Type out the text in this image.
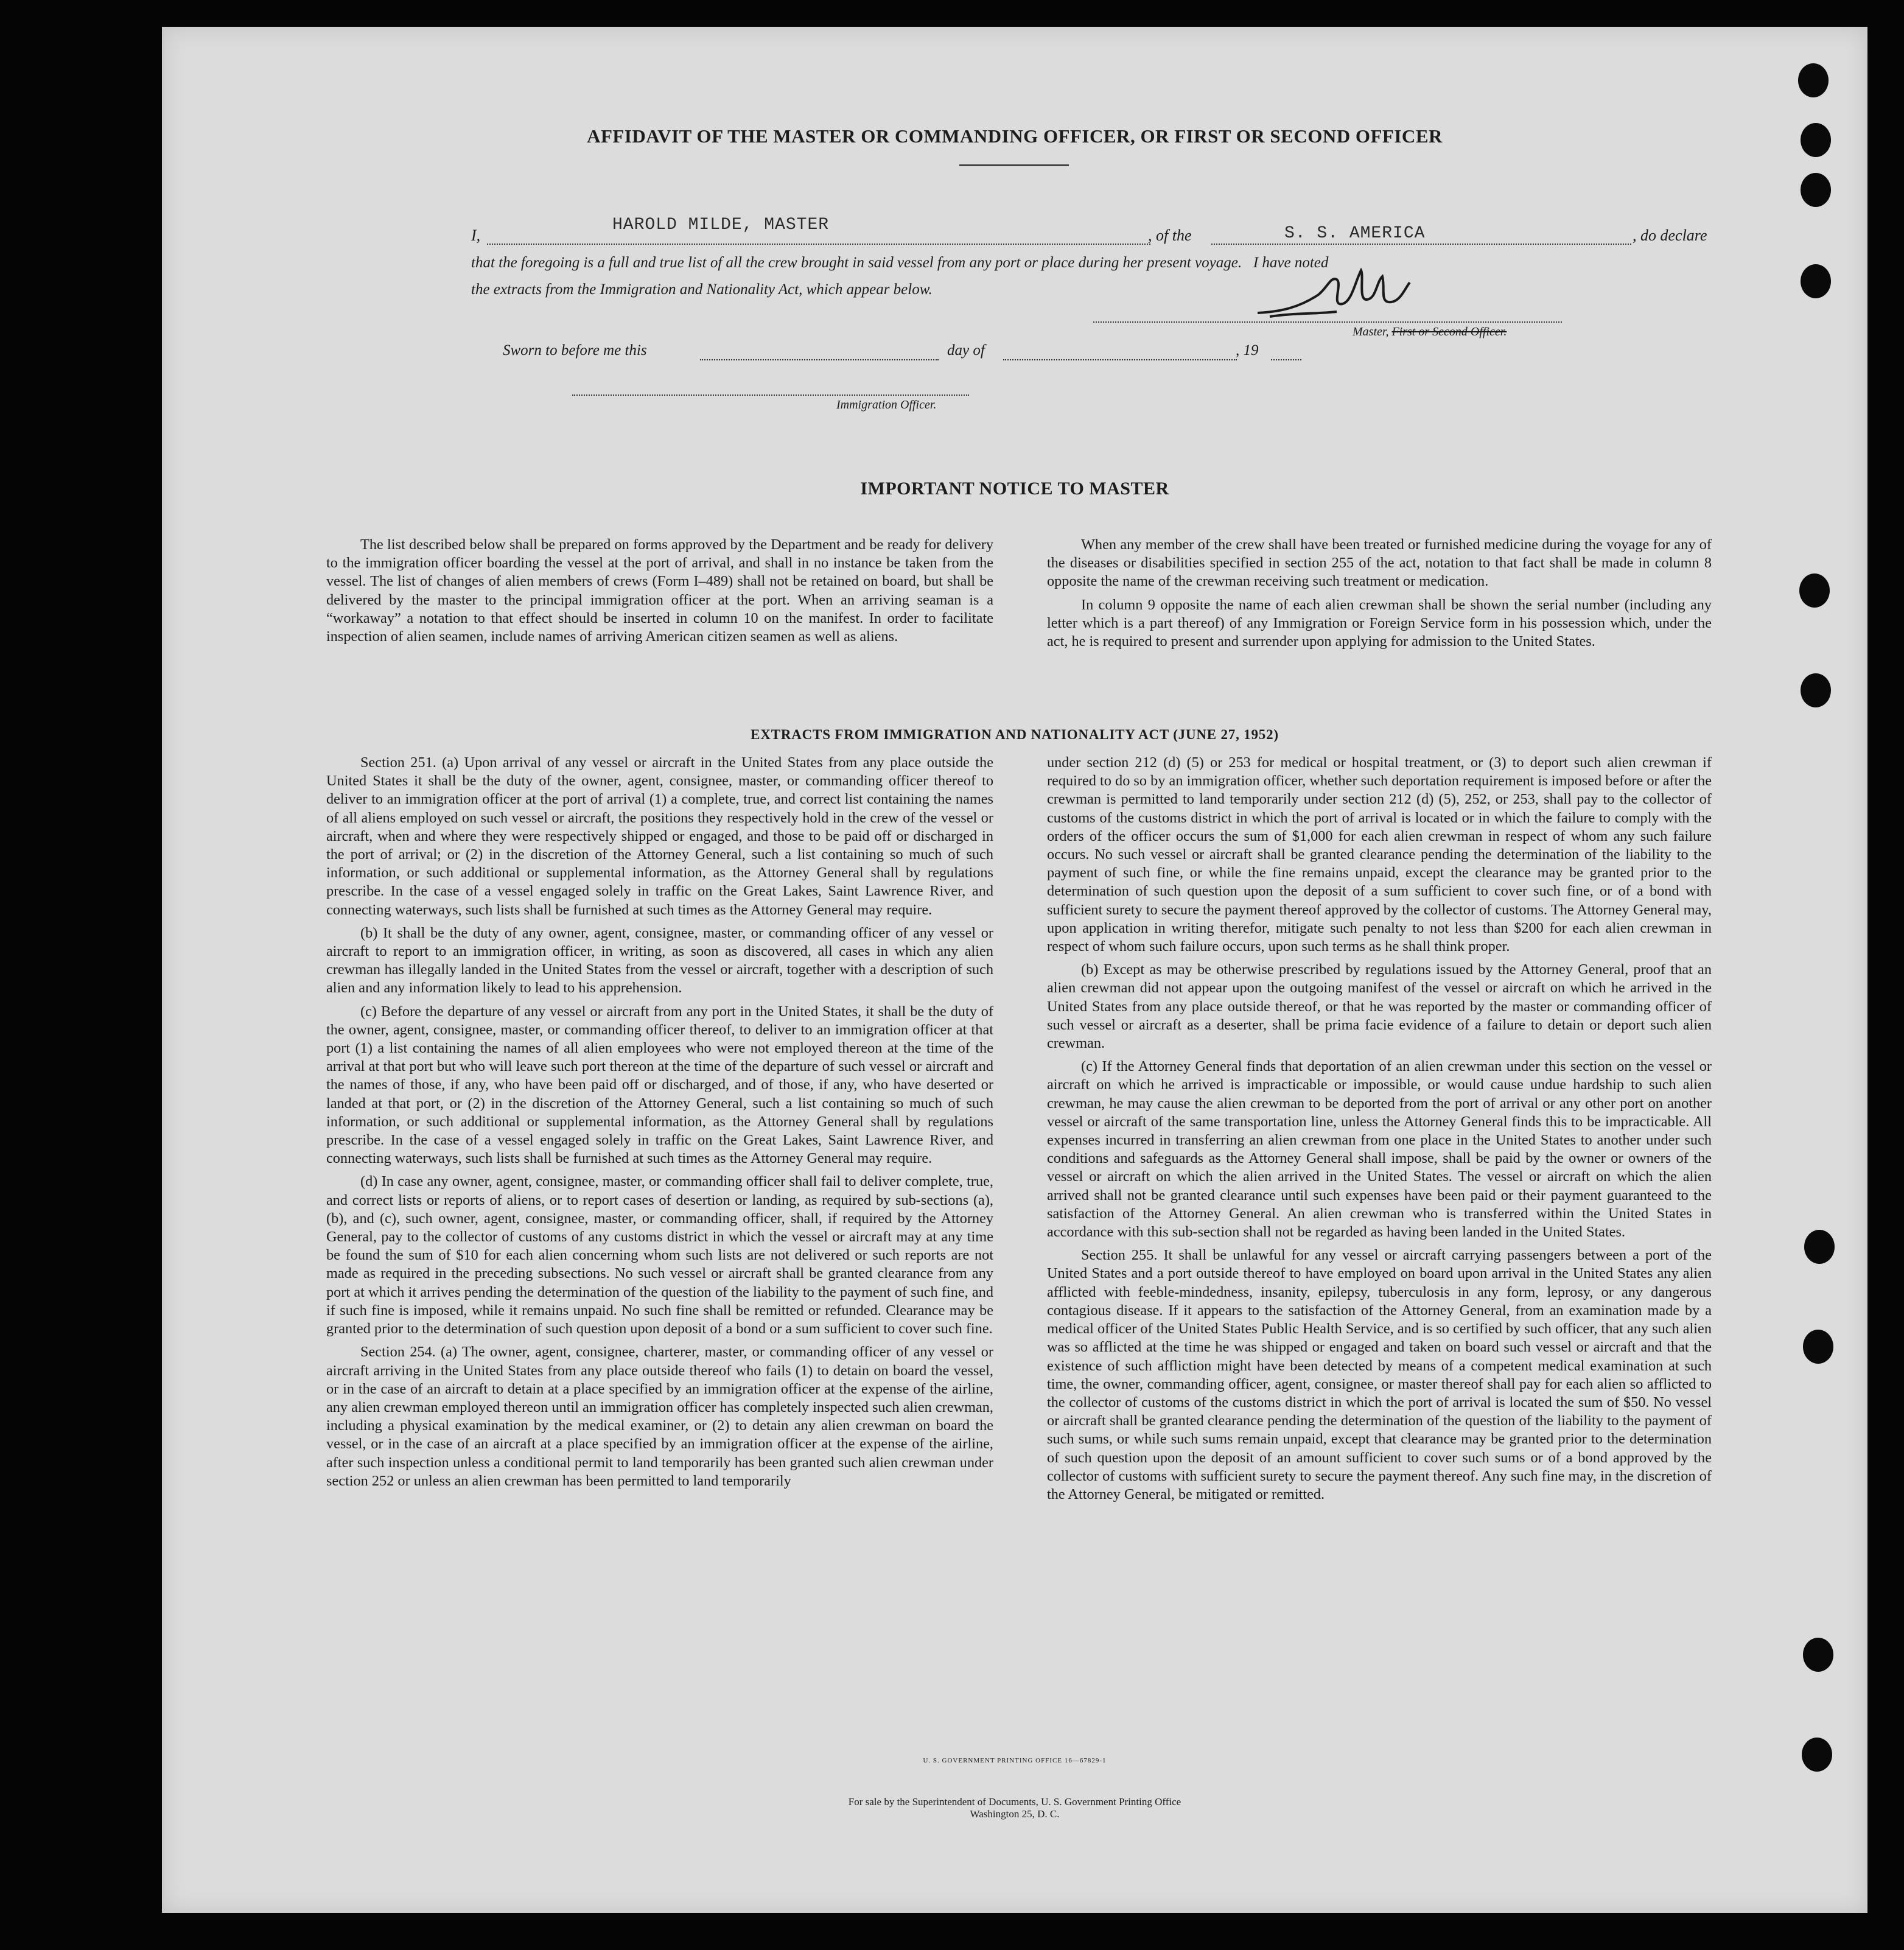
AFFIDAVIT OF THE MASTER OR COMMANDING OFFICER, OR FIRST OR SECOND OFFICER
I,
HAROLD MILDE, MASTER
, of the	S. S. AMERICA	, do declare
that the foregoing is a full and true list of all the crew brought in said vessel from any port or place during her present voyage.   I have noted
the extracts from the Immigration and Nationality Act, which appear below.
Master, First or Second Officer.
Sworn to before me this	day of	, 19
Immigration Officer.
IMPORTANT NOTICE TO MASTER

The list described below shall be prepared on forms approved by the Department and be ready for delivery to the immigration officer boarding the vessel at the port of arrival, and shall in no instance be taken from the vessel. The list of changes of alien members of crews (Form I–489) shall not be retained on board, but shall be delivered by the master to the principal immigration officer at the port. When an arriving seaman is a “workaway” a notation to that effect should be inserted in column 10 on the manifest. In order to facilitate inspection of alien seamen, include names of arriving American citizen seamen as well as aliens.

When any member of the crew shall have been treated or furnished medicine during the voyage for any of the diseases or disabilities specified in section 255 of the act, notation to that fact shall be made in column 8 opposite the name of the crewman receiving such treatment or medication.

In column 9 opposite the name of each alien crewman shall be shown the serial number (including any letter which is a part thereof) of any Immigration or Foreign Service form in his possession which, under the act, he is required to present and surrender upon applying for admission to the United States.

EXTRACTS FROM IMMIGRATION AND NATIONALITY ACT (JUNE 27, 1952)

Section 251. (a) Upon arrival of any vessel or aircraft in the United States from any place outside the United States it shall be the duty of the owner, agent, consignee, master, or commanding officer thereof to deliver to an immigration officer at the port of arrival (1) a complete, true, and correct list containing the names of all aliens employed on such vessel or aircraft, the positions they respectively hold in the crew of the vessel or aircraft, when and where they were respectively shipped or engaged, and those to be paid off or discharged in the port of arrival; or (2) in the discretion of the Attorney General, such a list containing so much of such information, or such additional or supplemental information, as the Attorney General shall by regulations prescribe. In the case of a vessel engaged solely in traffic on the Great Lakes, Saint Lawrence River, and connecting waterways, such lists shall be furnished at such times as the Attorney General may require.

(b) It shall be the duty of any owner, agent, consignee, master, or commanding officer of any vessel or aircraft to report to an immigration officer, in writing, as soon as discovered, all cases in which any alien crewman has illegally landed in the United States from the vessel or aircraft, together with a description of such alien and any information likely to lead to his apprehension.

(c) Before the departure of any vessel or aircraft from any port in the United States, it shall be the duty of the owner, agent, consignee, master, or commanding officer thereof, to deliver to an immigration officer at that port (1) a list containing the names of all alien employees who were not employed thereon at the time of the arrival at that port but who will leave such port thereon at the time of the departure of such vessel or aircraft and the names of those, if any, who have been paid off or discharged, and of those, if any, who have deserted or landed at that port, or (2) in the discretion of the Attorney General, such a list containing so much of such information, or such additional or supplemental information, as the Attorney General shall by regulations prescribe. In the case of a vessel engaged solely in traffic on the Great Lakes, Saint Lawrence River, and connecting waterways, such lists shall be furnished at such times as the Attorney General may require.

(d) In case any owner, agent, consignee, master, or commanding officer shall fail to deliver complete, true, and correct lists or reports of aliens, or to report cases of desertion or landing, as required by sub-sections (a), (b), and (c), such owner, agent, consignee, master, or commanding officer, shall, if required by the Attorney General, pay to the collector of customs of any customs district in which the vessel or aircraft may at any time be found the sum of $10 for each alien concerning whom such lists are not delivered or such reports are not made as required in the preceding subsections. No such vessel or aircraft shall be granted clearance from any port at which it arrives pending the determination of the question of the liability to the payment of such fine, and if such fine is imposed, while it remains unpaid. No such fine shall be remitted or refunded. Clearance may be granted prior to the determination of such question upon deposit of a bond or a sum sufficient to cover such fine.

Section 254. (a) The owner, agent, consignee, charterer, master, or commanding officer of any vessel or aircraft arriving in the United States from any place outside thereof who fails (1) to detain on board the vessel, or in the case of an aircraft to detain at a place specified by an immigration officer at the expense of the airline, any alien crewman employed thereon until an immigration officer has completely inspected such alien crewman, including a physical examination by the medical examiner, or (2) to detain any alien crewman on board the vessel, or in the case of an aircraft at a place specified by an immigration officer at the expense of the airline, after such inspection unless a conditional permit to land temporarily has been granted such alien crewman under section 252 or unless an alien crewman has been permitted to land temporarily

under section 212 (d) (5) or 253 for medical or hospital treatment, or (3) to deport such alien crewman if required to do so by an immigration officer, whether such deportation requirement is imposed before or after the crewman is permitted to land temporarily under section 212 (d) (5), 252, or 253, shall pay to the collector of customs of the customs district in which the port of arrival is located or in which the failure to comply with the orders of the officer occurs the sum of $1,000 for each alien crewman in respect of whom any such failure occurs. No such vessel or aircraft shall be granted clearance pending the determination of the liability to the payment of such fine, or while the fine remains unpaid, except the clearance may be granted prior to the determination of such question upon the deposit of a sum sufficient to cover such fine, or of a bond with sufficient surety to secure the payment thereof approved by the collector of customs. The Attorney General may, upon application in writing therefor, mitigate such penalty to not less than $200 for each alien crewman in respect of whom such failure occurs, upon such terms as he shall think proper.

(b) Except as may be otherwise prescribed by regulations issued by the Attorney General, proof that an alien crewman did not appear upon the outgoing manifest of the vessel or aircraft on which he arrived in the United States from any place outside thereof, or that he was reported by the master or commanding officer of such vessel or aircraft as a deserter, shall be prima facie evidence of a failure to detain or deport such alien crewman.

(c) If the Attorney General finds that deportation of an alien crewman under this section on the vessel or aircraft on which he arrived is impracticable or impossible, or would cause undue hardship to such alien crewman, he may cause the alien crewman to be deported from the port of arrival or any other port on another vessel or aircraft of the same transportation line, unless the Attorney General finds this to be impracticable. All expenses incurred in transferring an alien crewman from one place in the United States to another under such conditions and safeguards as the Attorney General shall impose, shall be paid by the owner or owners of the vessel or aircraft on which the alien arrived in the United States. The vessel or aircraft on which the alien arrived shall not be granted clearance until such expenses have been paid or their payment guaranteed to the satisfaction of the Attorney General. An alien crewman who is transferred within the United States in accordance with this sub-section shall not be regarded as having been landed in the United States.

Section 255. It shall be unlawful for any vessel or aircraft carrying passengers between a port of the United States and a port outside thereof to have employed on board upon arrival in the United States any alien afflicted with feeble-mindedness, insanity, epilepsy, tuberculosis in any form, leprosy, or any dangerous contagious disease. If it appears to the satisfaction of the Attorney General, from an examination made by a medical officer of the United States Public Health Service, and is so certified by such officer, that any such alien was so afflicted at the time he was shipped or engaged and taken on board such vessel or aircraft and that the existence of such affliction might have been detected by means of a competent medical examination at such time, the owner, commanding officer, agent, consignee, or master thereof shall pay for each alien so afflicted to the collector of customs of the customs district in which the port of arrival is located the sum of $50. No vessel or aircraft shall be granted clearance pending the determination of the question of the liability to the payment of such sums, or while such sums remain unpaid, except that clearance may be granted prior to the determination of such question upon the deposit of an amount sufficient to cover such sums or of a bond approved by the collector of customs with sufficient surety to secure the payment thereof. Any such fine may, in the discretion of the Attorney General, be mitigated or remitted.

U. S. GOVERNMENT PRINTING OFFICE 16—67829-1
For sale by the Superintendent of Documents, U. S. Government Printing Office
Washington 25, D. C.
